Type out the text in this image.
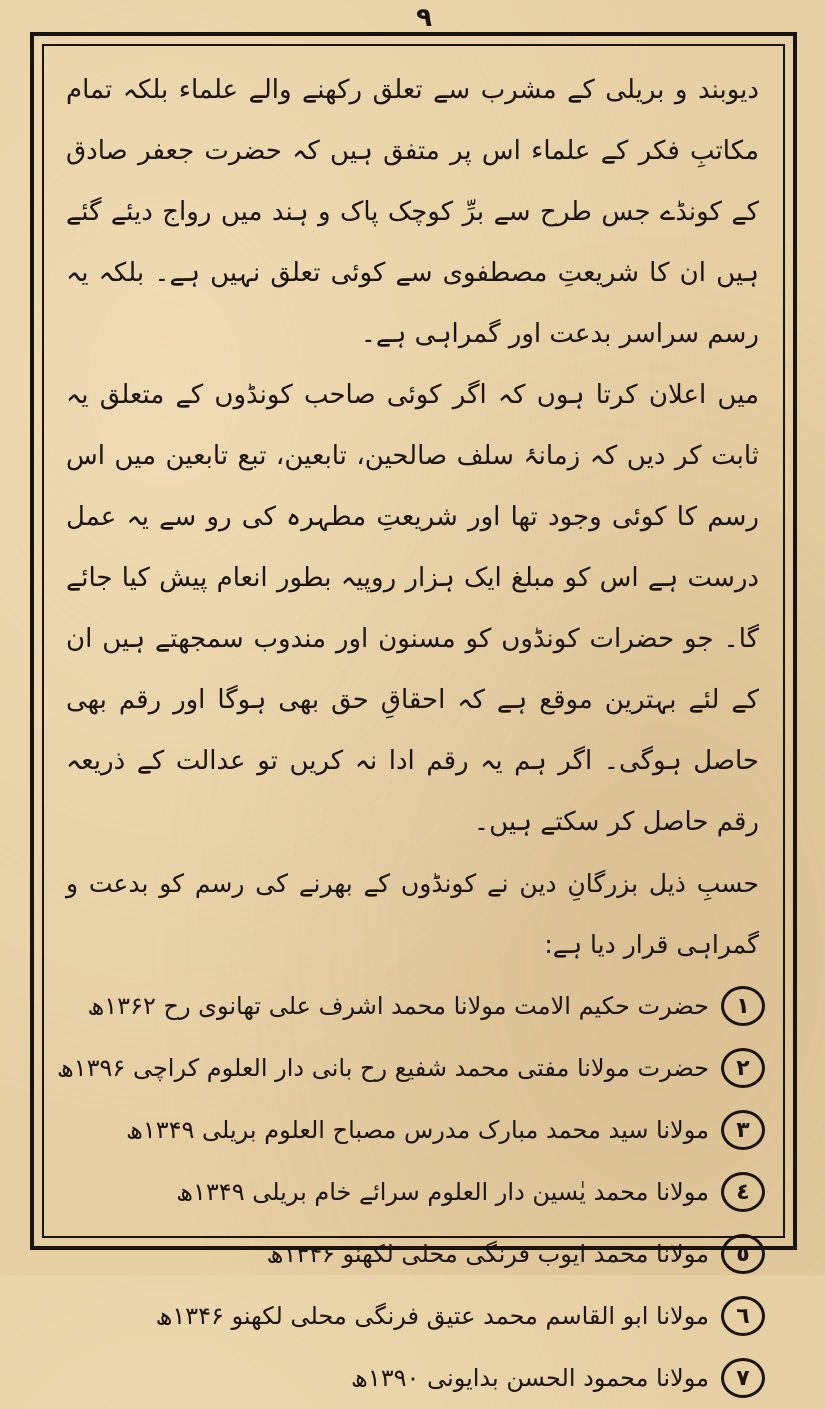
٩

دیوبند و بریلی کے مشرب سے تعلق رکھنے والے علماء بلکہ تمام مکاتبِ فکر کے علماء اس پر متفق ہیں کہ حضرت جعفر صادق کے کونڈے جس طرح سے برِّ کوچک پاک و ہند میں رواج دیئے گئے ہیں ان کا شریعتِ مصطفوی سے کوئی تعلق نہیں ہے۔ بلکہ یہ رسم سراسر بدعت اور گمراہی ہے۔

میں اعلان کرتا ہوں کہ اگر کوئی صاحب کونڈوں کے متعلق یہ ثابت کر دیں کہ زمانۂ سلف صالحین، تابعین، تبع تابعین میں اس رسم کا کوئی وجود تھا اور شریعتِ مطہرہ کی رو سے یہ عمل درست ہے اس کو مبلغ ایک ہزار روپیہ بطور انعام پیش کیا جائے گا۔ جو حضرات کونڈوں کو مسنون اور مندوب سمجھتے ہیں ان کے لئے بہترین موقع ہے کہ احقاقِ حق بھی ہوگا اور رقم بھی حاصل ہوگی۔ اگر ہم یہ رقم ادا نہ کریں تو عدالت کے ذریعہ رقم حاصل کر سکتے ہیں۔

حسبِ ذیل بزرگانِ دین نے کونڈوں کے بھرنے کی رسم کو بدعت و گمراہی قرار دیا ہے:

١
حضرت حکیم الامت مولانا محمد اشرف علی تھانوی رح ۱۳۶۲ھ
٢
حضرت مولانا مفتی محمد شفیع رح بانی دار العلوم کراچی ۱۳۹۶ھ
٣
مولانا سید محمد مبارک مدرس مصباح العلوم بریلی ۱۳۴۹ھ
٤
مولانا محمد یٰسین دار العلوم سرائے خام بریلی ۱۳۴۹ھ
٥
مولانا محمد ایوب فرنگی محلی لکھنو ۱۳۴۶ھ
٦
مولانا ابو القاسم محمد عتیق فرنگی محلی لکھنو ۱۳۴۶ھ
٧
مولانا محمود الحسن بدایونی ۱۳۹۰ھ
